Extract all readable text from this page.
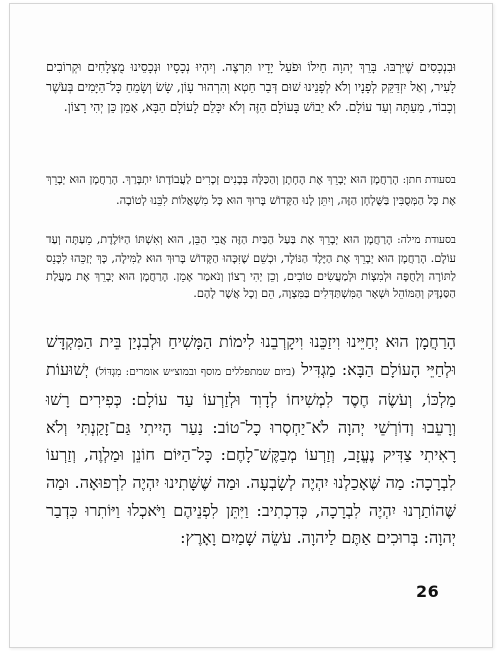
וּבִנְכָסִים שֶׁיִּרְבּוּ. בָּרֵךְ יְהוָה חֵילוֹ וּפֹעַל יָדָיו תִּרְצֶה. וְיִהְיוּ נְכָסָיו וּנְכָסֵינוּ מֻצְלָחִים וּקְרוֹבִים לָעִיר, וְאַל יִזְדַּקֵּק לְפָנָיו וְלֹא לְפָנֵינוּ שׁוּם דְּבַר חֵטְא וְהִרְהוּר עָוֹן, שָׂשׂ וְשָׂמֵחַ כָּל־הַיָּמִים בְּעֹשֶׁר וְכָבוֹד, מֵעַתָּה וְעַד עוֹלָם. לֹא יֵבוֹשׁ בָּעוֹלָם הַזֶּה וְלֹא יִכָּלֵם לָעוֹלָם הַבָּא, אָמֵן כֵּן יְהִי רָצוֹן.

בסעודת חתן: הָרַחֲמָן הוּא יְבָרֵךְ אֶת הֶחָתָן וְהַכַּלָּה בְּבָנִים זְכָרִים לַעֲבוֹדָתוֹ יִתְבָּרַךְ. הָרַחֲמָן הוּא יְבָרֵךְ אֶת כָּל הַמְּסֻבִּין בַּשֻּׁלְחָן הַזֶּה, וְיִתֵּן לָנוּ הַקָּדוֹשׁ בָּרוּךְ הוּא כָּל מִשְׁאֲלוֹת לִבֵּנוּ לְטוֹבָה.

בסעודת מילה: הָרַחֲמָן הוּא יְבָרֵךְ אֶת בַּעַל הַבַּיִת הַזֶּה אֲבִי הַבֵּן, הוּא וְאִשְׁתּוֹ הַיּוֹלֶדֶת, מֵעַתָּה וְעַד עוֹלָם. הָרַחֲמָן הוּא יְבָרֵךְ אֶת הַיֶּלֶד הַנּוֹלָד, וּכְשֵׁם שֶׁזִּכָּהוּ הַקָּדוֹשׁ בָּרוּךְ הוּא לַמִּילָה, כָּךְ יְזַכֵּהוּ לִכָּנֵס לַתּוֹרָה וְלַחֻפָּה וּלְמִצְוֹת וּלְמַעֲשִׂים טוֹבִים, וְכֵן יְהִי רָצוֹן וְנֹאמַר אָמֵן. הָרַחֲמָן הוּא יְבָרֵךְ אֶת מַעֲלַת הַסַּנְדָּק וְהַמּוֹהֵל וּשְׁאָר הַמִּשְׁתַּדְּלִים בַּמִּצְוָה, הֵם וְכָל אֲשֶׁר לָהֶם.

הָרַחֲמָן הוּא יְחַיֵּינוּ וִיזַכֵּנוּ וִיקָרְבֵנוּ לִימוֹת הַמָּשִׁיחַ וּלְבִנְיַן בֵּית הַמִּקְדָּשׁ וּלְחַיֵּי הָעוֹלָם הַבָּא: מַגְדִּיל (ביום שמתפללים מוסף ובמוצ״ש אומרים: מִגְדּוֹל) יְשׁוּעוֹת מַלְכּוֹ, וְעֹשֶׂה חֶסֶד לִמְשִׁיחוֹ לְדָוִד וּלְזַרְעוֹ עַד עוֹלָם: כְּפִירִים רָשׁוּ וְרָעֵבוּ וְדוֹרְשֵׁי יְהוָה לֹא־יַחְסְרוּ כָל־טוֹב: נַעַר הָיִיתִי גַּם־זָקַנְתִּי וְלֹא רָאִיתִי צַדִּיק נֶעֱזָב, וְזַרְעוֹ מְבַקֶּשׁ־לָחֶם: כָּל־הַיּוֹם חוֹנֵן וּמַלְוֶה, וְזַרְעוֹ לִבְרָכָה: מַה שֶּׁאָכַלְנוּ יִהְיֶה לְשָׂבְעָה. וּמַה שֶּׁשָּׁתִינוּ יִהְיֶה לִרְפוּאָה. וּמַה שֶּׁהוֹתַרְנוּ יִהְיֶה לִבְרָכָה, כְּדִכְתִיב: וַיִּתֵּן לִפְנֵיהֶם וַיֹּאכְלוּ וַיּוֹתִרוּ כִּדְבַר יְהוָה: בְּרוּכִים אַתֶּם לַיהוָה. עֹשֵׂה שָׁמַיִם וָאָרֶץ:

26
